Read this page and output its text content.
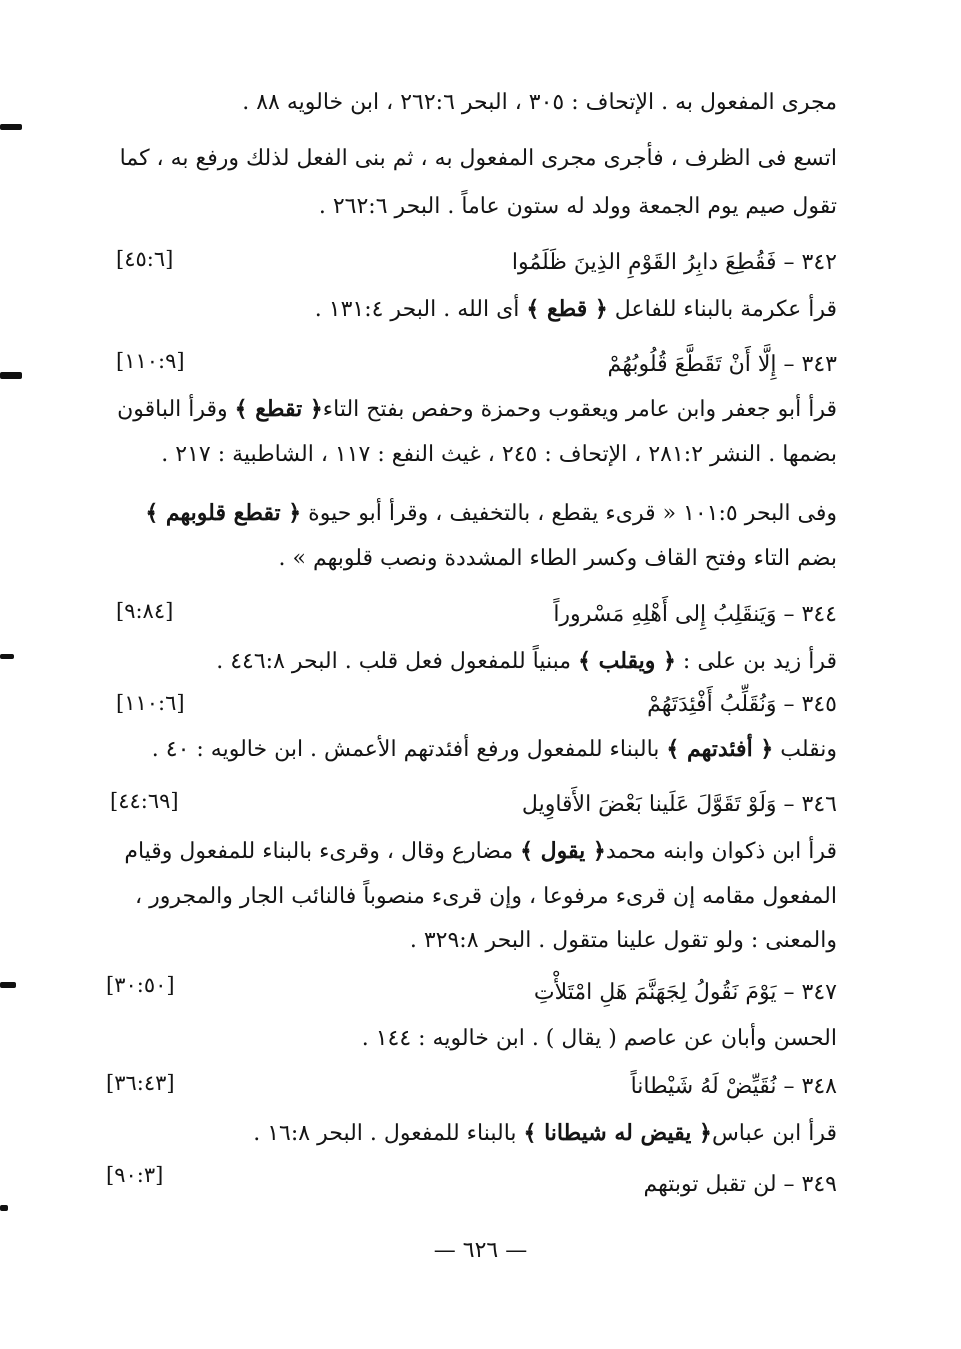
مجرى المفعول به . الإتحاف : ٣٠٥ ، البحر ٢٦٢:٦ ، ابن خالويه ٨٨ .
اتسع فى الظرف ، فأجرى مجرى المفعول به ، ثم بنى الفعل لذلك ورفع به ، كما
تقول صيم يوم الجمعة وولد له ستون عاماً . البحر ٢٦٢:٦ .
٣٤٢ – فَقُطِعَ دابِرُ القَوْمِ الذِينَ ظَلَمُوا
[٤٥:٦]
قرأ عكرمة بالبناء للفاعل ﴿ قطع ﴾ أى الله . البحر ١٣١:٤ .
٣٤٣ – إِلَّا أَنْ تَقَطَّعَ قُلُوبُهُمْ
[١١٠:٩]
قرأ أبو جعفر وابن عامر ويعقوب وحمزة وحفص بفتح التاء﴿ تقطع ﴾ وقرأ الباقون
بضمها . النشر ٢٨١:٢ ، الإتحاف : ٢٤٥ ، غيث النفع : ١١٧ ، الشاطبية : ٢١٧ .
وفى البحر ١٠١:٥ « قرىء يقطع ، بالتخفيف ، وقرأ أبو حيوة ﴿ تقطع قلوبهم ﴾
بضم التاء وفتح القاف وكسر الطاء المشددة ونصب قلوبهم » .
٣٤٤ – وَيَنقَلِبُ إِلى أَهْلِهِ مَسْروراً
[٩:٨٤]
قرأ زيد بن على : ﴿ ويقلب ﴾ مبنياً للمفعول فعل قلب . البحر ٤٤٦:٨ .
٣٤٥ – وَنُقَلِّبُ أَفْئِدَتَهُمْ
[١١٠:٦]
ونقلب ﴿ أفئدتهم ﴾ بالبناء للمفعول ورفع أفئدتهم الأعمش . ابن خالويه : ٤٠ .
٣٤٦ – وَلَوْ تَقَوَّلَ عَلَينا بَعْضَ الأَقاوِيل
[٤٤:٦٩]
قرأ ابن ذكوان وابنه محمد﴿ يقول ﴾ مضارع وقال ، وقرىء بالبناء للمفعول وقيام
المفعول مقامه إن قرىء مرفوعا ، وإن قرىء منصوباً فالنائب الجار والمجرور ،
والمعنى : ولو تقول علينا متقول . البحر ٣٢٩:٨ .
٣٤٧ – يَوْمَ نَقُولُ لِجَهَنَّمَ هَلِ امْتَلأْتِ
[٣٠:٥٠]
الحسن وأبان عن عاصم ( يقال ) . ابن خالويه : ١٤٤ .
٣٤٨ – نُقَيِّضْ لَهُ شَيْطاناً
[٣٦:٤٣]
قرأ ابن عباس﴿ يقيض له شيطانا ﴾ بالبناء للمفعول . البحر ١٦:٨ .
٣٤٩ – لن تقبل توبتهم
[٩٠:٣]
— ٦٢٦ —
